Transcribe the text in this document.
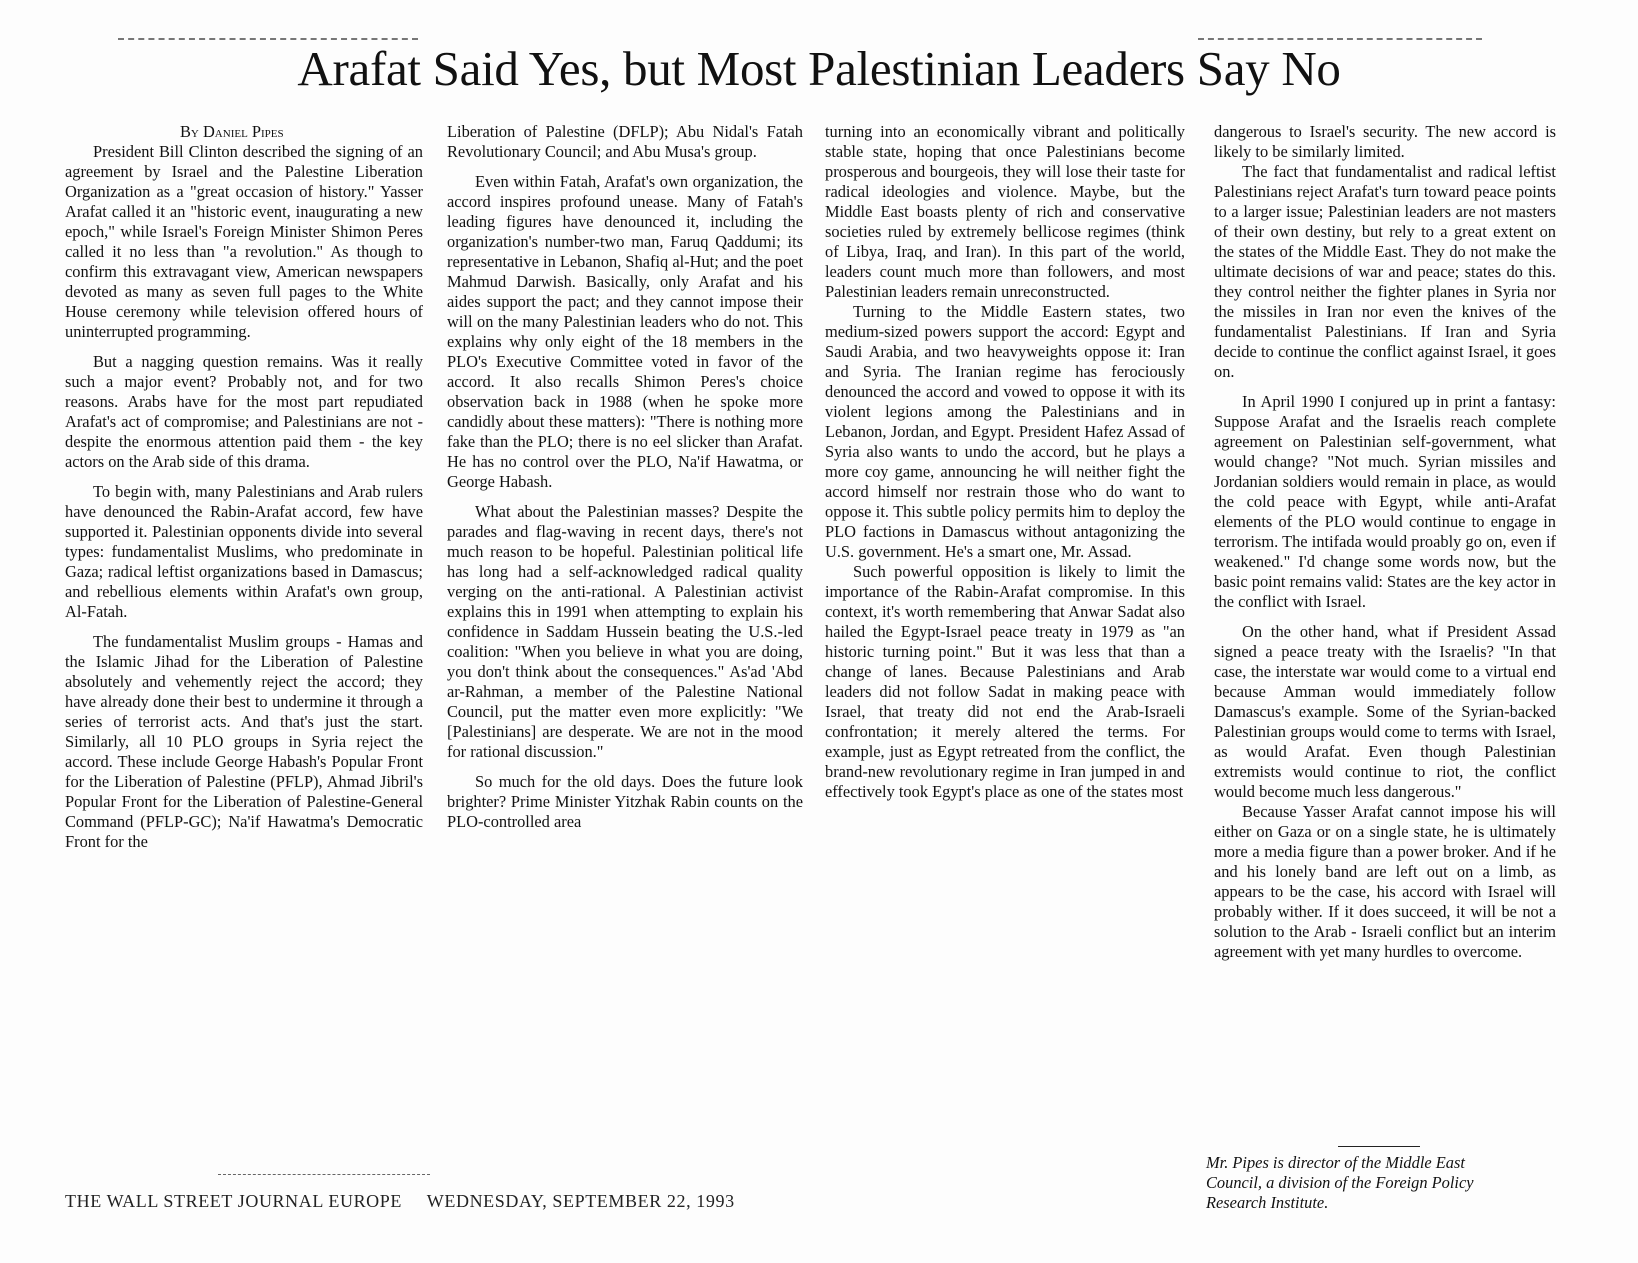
Arafat Said Yes, but Most Palestinian Leaders Say No

By Daniel Pipes

President Bill Clinton described the signing of an agreement by Israel and the Palestine Liberation Organization as a "great occasion of history." Yasser Arafat called it an "historic event, inaugurating a new epoch," while Israel's Foreign Minister Shimon Peres called it no less than "a revolution." As though to confirm this extravagant view, American newspapers devoted as many as seven full pages to the White House ceremony while television offered hours of uninterrupted programming.

But a nagging question remains. Was it really such a major event? Probably not, and for two reasons. Arabs have for the most part repudiated Arafat's act of compromise; and Palestinians are not - despite the enormous attention paid them - the key actors on the Arab side of this drama.

To begin with, many Palestinians and Arab rulers have denounced the Rabin-Arafat accord, few have supported it. Palestinian opponents divide into several types: fundamentalist Muslims, who predominate in Gaza; radical leftist organizations based in Damascus; and rebellious elements within Arafat's own group, Al-Fatah.

The fundamentalist Muslim groups - Hamas and the Islamic Jihad for the Liberation of Palestine absolutely and vehemently reject the accord; they have already done their best to undermine it through a series of terrorist acts. And that's just the start. Similarly, all 10 PLO groups in Syria reject the accord. These include George Habash's Popular Front for the Liberation of Palestine (PFLP), Ahmad Jibril's Popular Front for the Liberation of Palestine-General Command (PFLP-GC); Na'if Hawatma's Democratic Front for the

Liberation of Palestine (DFLP); Abu Nidal's Fatah Revolutionary Council; and Abu Musa's group.

Even within Fatah, Arafat's own organization, the accord inspires profound unease. Many of Fatah's leading figures have denounced it, including the organization's number-two man, Faruq Qaddumi; its representative in Lebanon, Shafiq al-Hut; and the poet Mahmud Darwish. Basically, only Arafat and his aides support the pact; and they cannot impose their will on the many Palestinian leaders who do not. This explains why only eight of the 18 members in the PLO's Executive Committee voted in favor of the accord. It also recalls Shimon Peres's choice observation back in 1988 (when he spoke more candidly about these matters): "There is nothing more fake than the PLO; there is no eel slicker than Arafat. He has no control over the PLO, Na'if Hawatma, or George Habash.

What about the Palestinian masses? Despite the parades and flag-waving in recent days, there's not much reason to be hopeful. Palestinian political life has long had a self-acknowledged radical quality verging on the anti-rational. A Palestinian activist explains this in 1991 when attempting to explain his confidence in Saddam Hussein beating the U.S.-led coalition: "When you believe in what you are doing, you don't think about the consequences." As'ad 'Abd ar-Rahman, a member of the Palestine National Council, put the matter even more explicitly: "We [Palestinians] are desperate. We are not in the mood for rational discussion."

So much for the old days. Does the future look brighter? Prime Minister Yitzhak Rabin counts on the PLO-controlled area

turning into an economically vibrant and politically stable state, hoping that once Palestinians become prosperous and bourgeois, they will lose their taste for radical ideologies and violence. Maybe, but the Middle East boasts plenty of rich and conservative societies ruled by extremely bellicose regimes (think of Libya, Iraq, and Iran). In this part of the world, leaders count much more than followers, and most Palestinian leaders remain unreconstructed.

Turning to the Middle Eastern states, two medium-sized powers support the accord: Egypt and Saudi Arabia, and two heavyweights oppose it: Iran and Syria. The Iranian regime has ferociously denounced the accord and vowed to oppose it with its violent legions among the Palestinians and in Lebanon, Jordan, and Egypt. President Hafez Assad of Syria also wants to undo the accord, but he plays a more coy game, announcing he will neither fight the accord himself nor restrain those who do want to oppose it. This subtle policy permits him to deploy the PLO factions in Damascus without antagonizing the U.S. government. He's a smart one, Mr. Assad.

Such powerful opposition is likely to limit the importance of the Rabin-Arafat compromise. In this context, it's worth remembering that Anwar Sadat also hailed the Egypt-Israel peace treaty in 1979 as "an historic turning point." But it was less that than a change of lanes. Because Palestinians and Arab leaders did not follow Sadat in making peace with Israel, that treaty did not end the Arab-Israeli confrontation; it merely altered the terms. For example, just as Egypt retreated from the conflict, the brand-new revolutionary regime in Iran jumped in and effectively took Egypt's place as one of the states most

dangerous to Israel's security. The new accord is likely to be similarly limited.

The fact that fundamentalist and radical leftist Palestinians reject Arafat's turn toward peace points to a larger issue; Palestinian leaders are not masters of their own destiny, but rely to a great extent on the states of the Middle East. They do not make the ultimate decisions of war and peace; states do this. they control neither the fighter planes in Syria nor the missiles in Iran nor even the knives of the fundamentalist Palestinians. If Iran and Syria decide to continue the conflict against Israel, it goes on.

In April 1990 I conjured up in print a fantasy: Suppose Arafat and the Israelis reach complete agreement on Palestinian self-government, what would change? "Not much. Syrian missiles and Jordanian soldiers would remain in place, as would the cold peace with Egypt, while anti-Arafat elements of the PLO would continue to engage in terrorism. The intifada would proably go on, even if weakened." I'd change some words now, but the basic point remains valid: States are the key actor in the conflict with Israel.

On the other hand, what if President Assad signed a peace treaty with the Israelis? "In that case, the interstate war would come to a virtual end because Amman would immediately follow Damascus's example. Some of the Syrian-backed Palestinian groups would come to terms with Israel, as would Arafat. Even though Palestinian extremists would continue to riot, the conflict would become much less dangerous."

Because Yasser Arafat cannot impose his will either on Gaza or on a single state, he is ultimately more a media figure than a power broker. And if he and his lonely band are left out on a limb, as appears to be the case, his accord with Israel will probably wither. If it does succeed, it will be not a solution to the Arab - Israeli conflict but an interim agreement with yet many hurdles to overcome.

Mr. Pipes is director of the Middle East
Council, a division of the Foreign Policy
Research Institute.
THE WALL STREET JOURNAL EUROPE WEDNESDAY, SEPTEMBER 22, 1993
